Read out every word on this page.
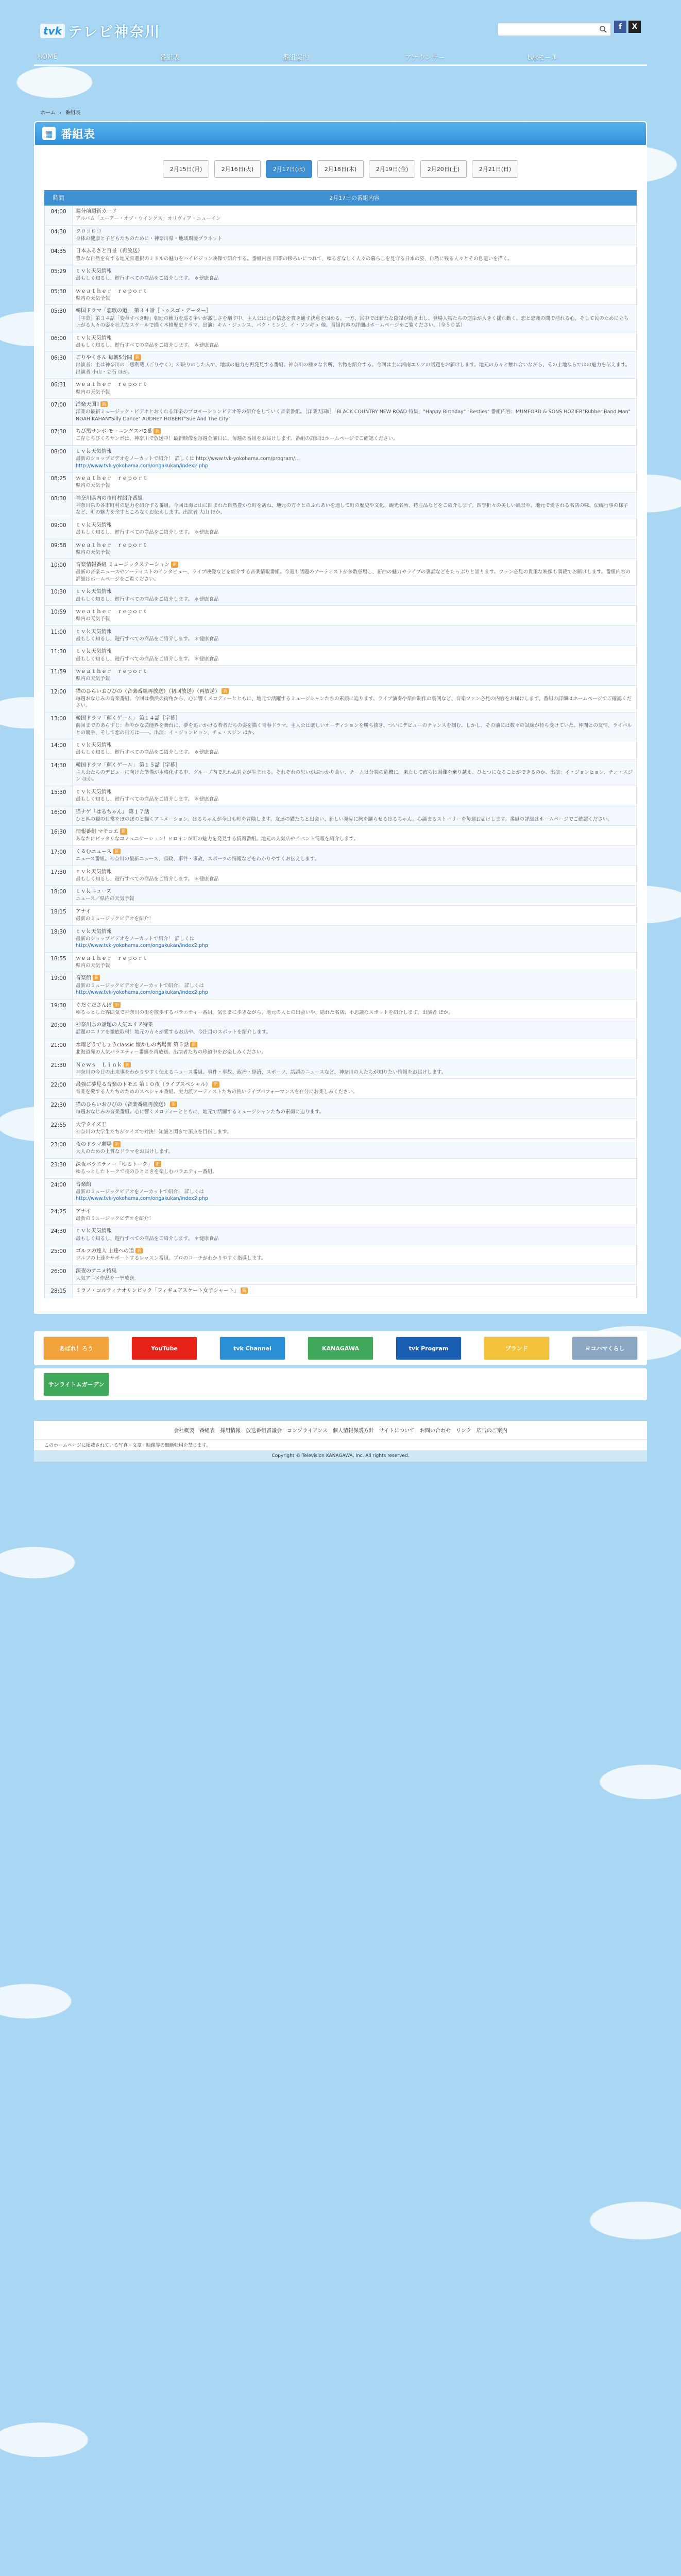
tvk テレビ神奈川	f	X
HOME	番組表	番組案内	アナウンサー	tvkモール
ホーム › 番組表
▦ 番組表
2月15日(月)	2月16日(火)	2月17日(水)	2月18日(木)	2月19日(金)	2月20日(土)	2月21日(日)
時間	2月17日の番組内容
04:00	週分前週新カード
アルバム「ユーアー・オブ・ウイングス」オリヴィア・ニューイン

04:30	クロコロコ
身体の健康と子どもたちのために・神奈川県・地域環境プラネット

04:35	日本ふるさと百景（再放送）
豊かな自然を有する地元県選択のミドルの魅力をハイビジョン映像で紹介する。番組内容 四季の移ろいにつれて、ゆるぎなしく人々の暮らしを見守る日本の姿、自然に残る人々とその息遣いを描く。

05:29	ｔｖｋ天気情報
最もしく知るし、遊行すべての商品をご紹介します。 ＊健康食品

05:30	ｗｅａｔｈｅｒ　ｒｅｐｏｒｔ
県内の天気予報

05:30	韓国ドラマ「恋歌の道」 第３４話［トゥスゴ・データー］
［字幕］第３４話「変革すべき時」朝廷の権力を巡る争いが激しさを増す中、主人公は己の信念を貫き通す決意を固める。一方、宮中では新たな陰謀が動き出し、登場人物たちの運命が大きく揺れ動く。恋と忠義の間で揺れる心、そして民のために立ち上がる人々の姿を壮大なスケールで描く本格歴史ドラマ。出演：キム・ジュンス、パク・ミンジ、イ・ソンギュ 他。番組内容の詳細はホームページをご覧ください。（全５０話）

06:00	ｔｖｋ天気情報
最もしく知るし、遊行すべての商品をご紹介します。 ＊健康食品

06:30	ごりやくさん 毎朝5分間 新
出演者：主は神奈川の「恵利蔵（ごりやく）」が映りのした人で、地域の魅力を再発見する番組。神奈川の様々な名所、名物を紹介する。今回は主に湘南エリアの話題をお届けします。地元の方々と触れ合いながら、その土地ならではの魅力を伝えます。出演者 小山・立石 ほか。

06:31	ｗｅａｔｈｅｒ　ｒｅｐｏｒｔ
県内の天気予報

07:00	洋楽天国Ⅱ 新
洋楽の最新ミュージック・ビデオとおくれる洋楽のプロモーションビデオ等の紹介をしていく音楽番組。［洋楽天国Ⅱ］「BLACK COUNTRY NEW ROAD 特集」"Happy Birthday" "Besties" 番組内容：MUMFORD & SONS HOZIER"Rubber Band Man" NOAH KAHAN"Silly Dance" AUDREY HOBERT"Sue And The City"

07:30	ちび黒サンボ モーニングスパ2番 新
ご存じちびくろサンボは、神奈川で放送中！最新映像を毎週金曜日に、毎週の番組をお届けします。番組の詳細はホームページでご確認ください。

08:00	ｔｖｋ天気情報
最新のショップビデオをノーカットで紹介！ 詳しくは http://www.tvk-yokohama.com/program/…
http://www.tvk-yokohama.com/ongakukan/index2.php
08:25	ｗｅａｔｈｅｒ　ｒｅｐｏｒｔ
県内の天気予報

08:30	神奈川県内の市町村紹介番組
神奈川県の各市町村の魅力を紹介する番組。今回は海と山に囲まれた自然豊かな町を訪ね、地元の方々とのふれあいを通して町の歴史や文化、観光名所、特産品などをご紹介します。四季折々の美しい風景や、地元で愛される名店の味、伝統行事の様子など、町の魅力を余すところなくお伝えします。出演者 大山 ほか。

09:00	ｔｖｋ天気情報
最もしく知るし、遊行すべての商品をご紹介します。 ＊健康食品

09:58	ｗｅａｔｈｅｒ　ｒｅｐｏｒｔ
県内の天気予報

10:00	音楽情報番組 ミュージックステーション 新
最新の音楽ニュースやアーティストのインタビュー、ライブ映像などを紹介する音楽情報番組。今週も話題のアーティストが多数登場し、新曲の魅力やライブの裏話などをたっぷりと語ります。ファン必見の貴重な映像も満載でお届けします。番組内容の詳細はホームページをご覧ください。

10:30	ｔｖｋ天気情報
最もしく知るし、遊行すべての商品をご紹介します。 ＊健康食品

10:59	ｗｅａｔｈｅｒ　ｒｅｐｏｒｔ
県内の天気予報

11:00	ｔｖｋ天気情報
最もしく知るし、遊行すべての商品をご紹介します。 ＊健康食品

11:30	ｔｖｋ天気情報
最もしく知るし、遊行すべての商品をご紹介します。 ＊健康食品

11:59	ｗｅａｔｈｅｒ　ｒｅｐｏｒｔ
県内の天気予報

12:00	猫のひらいおひびの（音楽番組再放送）（初回放送）（再放送） 新
毎週おなじみの音楽番組。今回は横浜の街角から、心に響くメロディーとともに、地元で活躍するミュージシャンたちの素顔に迫ります。ライブ演奏や楽曲制作の裏側など、音楽ファン必見の内容をお届けします。番組の詳細はホームページでご確認ください。

13:00	韓国ドラマ「輝くゲーム」 第１４話［字幕］
前回までのあらすじ：華やかな芸能界を舞台に、夢を追いかける若者たちの姿を描く青春ドラマ。主人公は厳しいオーディションを勝ち抜き、ついにデビューのチャンスを掴む。しかし、その前には数々の試練が待ち受けていた。仲間との友情、ライバルとの競争、そして恋の行方は――。出演：イ・ジョンヒョン、チェ・スジン ほか。

14:00	ｔｖｋ天気情報
最もしく知るし、遊行すべての商品をご紹介します。 ＊健康食品

14:30	韓国ドラマ「輝くゲーム」 第１５話［字幕］
主人公たちのデビューに向けた準備が本格化する中、グループ内で思わぬ対立が生まれる。それぞれの思いがぶつかり合い、チームは分裂の危機に。果たして彼らは困難を乗り越え、ひとつになることができるのか。出演：イ・ジョンヒョン、チェ・スジン ほか。

15:30	ｔｖｋ天気情報
最もしく知るし、遊行すべての商品をご紹介します。 ＊健康食品

16:00	猫ナゲ「はるちゃん」 第１７話
ひと匹の猫の日常をほのぼのと描くアニメーション。はるちゃんが今日も町を冒険します。友達の猫たちと出会い、新しい発見に胸を躍らせるはるちゃん。心温まるストーリーを毎週お届けします。番組の詳細はホームページでご確認ください。

16:30	情報番組 マチコエ 新
あなたにピッタリなコミュニケーション！ヒロインが町の魅力を発見する情報番組。地元の人気店やイベント情報を紹介します。

17:00	くるむニュース 新
ニュース番組。神奈川の最新ニュース、県政、事件・事故、スポーツの情報などをわかりやすくお伝えします。

17:30	ｔｖｋ天気情報
最もしく知るし、遊行すべての商品をご紹介します。 ＊健康食品

18:00	ｔｖｋニュース
ニュース／県内の天気予報

18:15	アナイ
最新のミュージックビデオを紹介！

18:30	ｔｖｋ天気情報
最新のショップビデオをノーカットで紹介！ 詳しくは
http://www.tvk-yokohama.com/ongakukan/index2.php
18:55	ｗｅａｔｈｅｒ　ｒｅｐｏｒｔ
県内の天気予報

19:00	音楽館 新
最新のミュージックビデオをノーカットで紹介！ 詳しくは
http://www.tvk-yokohama.com/ongakukan/index2.php
19:30	ぐだぐださんぽ 新
ゆるっとした雰囲気で神奈川の街を散歩するバラエティー番組。気ままに歩きながら、地元の人との出会いや、隠れた名店、不思議なスポットを紹介します。出演者 ほか。

20:00	神奈川県の話題の人気エリア特集
話題のエリアを徹底取材！地元の方々が愛するお店や、今注目のスポットを紹介します。

21:00	水曜どうでしょうclassic 懐かしの名場面 第５話 新
北海道発の人気バラエティー番組を再放送。出演者たちの珍道中をお楽しみください。

21:30	Ｎｅｗｓ　Ｌｉｎｋ 新
神奈川の今日の出来事をわかりやすく伝えるニュース番組。事件・事故、政治・経済、スポーツ、話題のニュースなど、神奈川の人たちが知りたい情報をお届けします。

22:00	最強に夢見る音楽のトモエ 第１０夜（ライブスペシャル） 新
音楽を愛する人たちのためのスペシャル番組。実力派アーティストたちの熱いライブパフォーマンスを存分にお楽しみください。

22:30	猫のひらいおひびの（音楽番組再放送） 新
毎週おなじみの音楽番組。心に響くメロディーとともに、地元で活躍するミュージシャンたちの素顔に迫ります。

22:55	大学クイズ王
神奈川の大学生たちがクイズで対決！知識と閃きで頂点を目指します。

23:00	夜のドラマ劇場 新
大人のための上質なドラマをお届けします。

23:30	深夜バラエティー「ゆるトーク」 新
ゆるっとしたトークで夜のひとときを楽しむバラエティー番組。

24:00	音楽館
最新のミュージックビデオをノーカットで紹介！ 詳しくは
http://www.tvk-yokohama.com/ongakukan/index2.php
24:25	アナイ
最新のミュージックビデオを紹介！

24:30	ｔｖｋ天気情報
最もしく知るし、遊行すべての商品をご紹介します。 ＊健康食品

25:00	ゴルフの達人 上達への道 新
ゴルフの上達をサポートするレッスン番組。プロのコーチがわかりやすく指導します。

26:00	深夜のアニメ特集
人気アニメ作品を一挙放送。

28:15	ミラノ・コルティナオリンピック「フィギュアスケート女子シャート」 新
あばれ！ろう	YouTube	tvk Channel	KANAGAWA	tvk Program	ブランド	ヨコハマくらし
サンライトムガーデン
会社概要 番組表 採用情報 放送番組審議会 コンプライアンス 個人情報保護方針 サイトについて お問い合わせ リンク 広告のご案内
このホームページに掲載されている写真・文章・映像等の無断転用を禁じます。
Copyright © Television KANAGAWA, Inc. All rights reserved.
